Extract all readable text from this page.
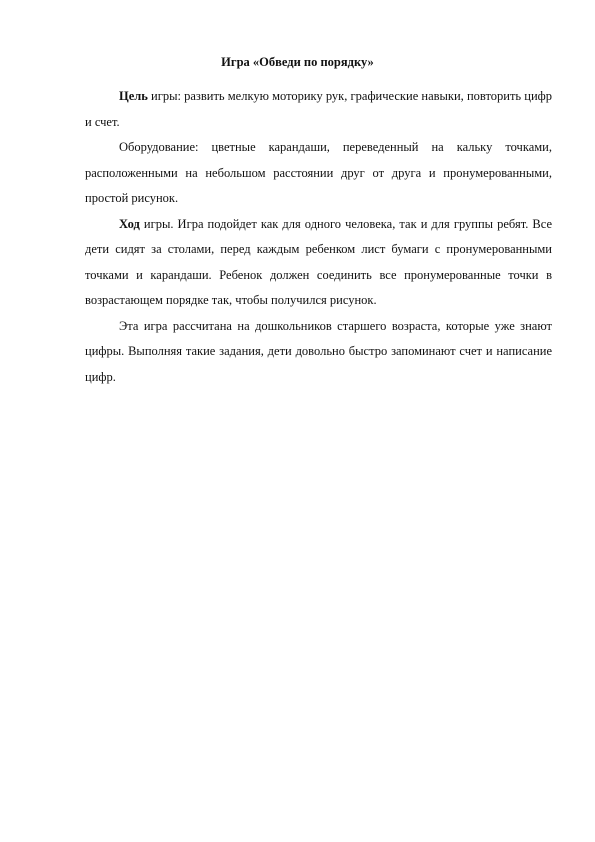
Игра «Обведи по порядку»

Цель игры: развить мелкую моторику рук, графические навыки, повторить цифр и счет.

Оборудование: цветные карандаши, переведенный на кальку точками, расположенными на небольшом расстоянии друг от друга и пронумерованными, простой рисунок.

Ход игры. Игра подойдет как для одного человека, так и для группы ребят. Все дети сидят за столами, перед каждым ребенком лист бумаги с пронумерованными точками и карандаши. Ребенок должен соединить все пронумерованные точки в возрастающем порядке так, чтобы получился рисунок.

Эта игра рассчитана на дошкольников старшего возраста, которые уже знают цифры. Выполняя такие задания, дети довольно быстро запоминают счет и написание цифр.
